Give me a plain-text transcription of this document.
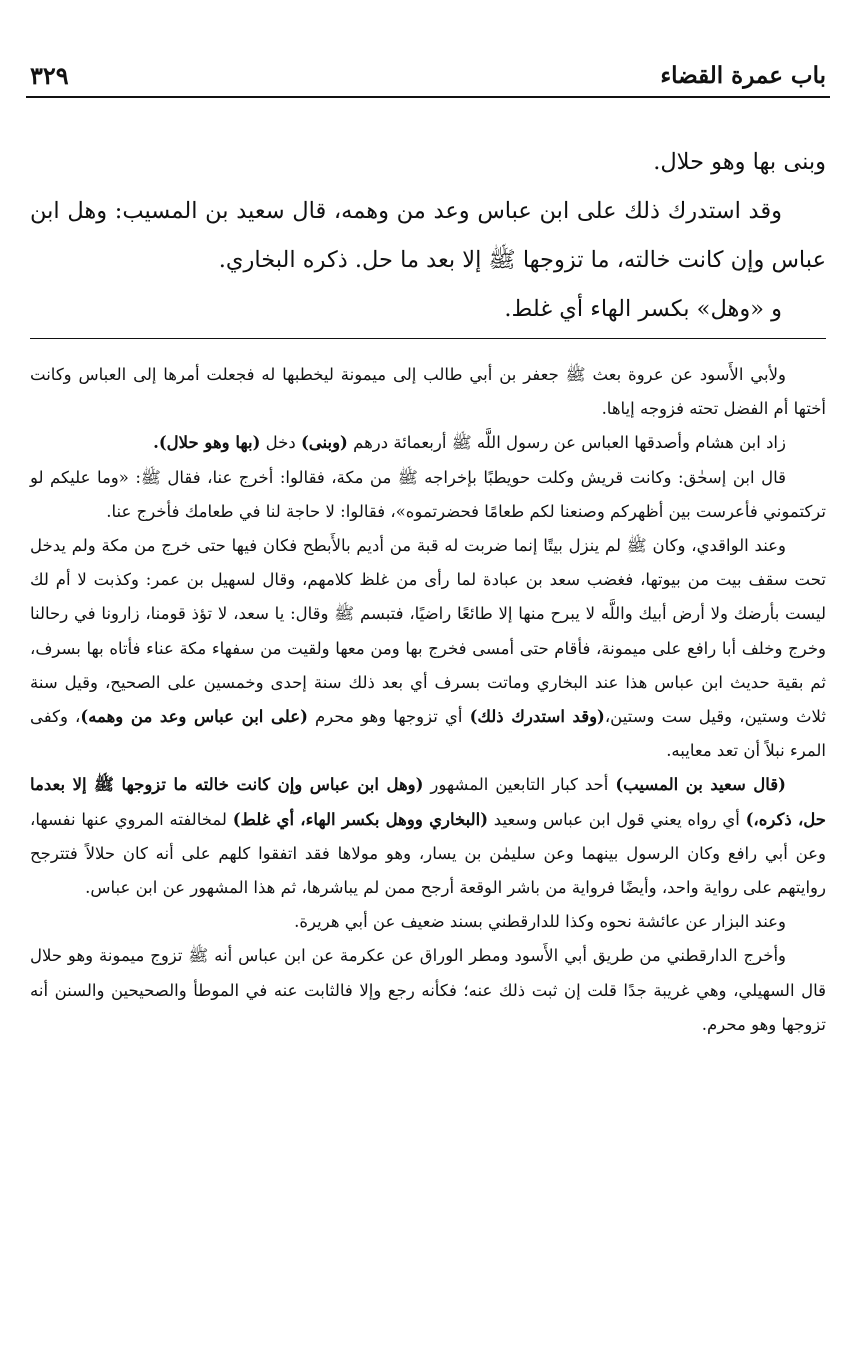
باب عمرة القضاء
٣٢٩

وبنى بها وهو حلال.

وقد استدرك ذلك على ابن عباس وعد من وهمه، قال سعيد بن المسيب: وهل ابن عباس وإن كانت خالته، ما تزوجها ﷺ إلا بعد ما حل. ذكره البخاري.

و «وهل» بكسر الهاء أي غلط.

ولأبي الأَسود عن عروة بعث ﷺ جعفر بن أبي طالب إلى ميمونة ليخطبها له فجعلت أمرها إلى العباس وكانت أختها أم الفضل تحته فزوجه إياها.

زاد ابن هشام وأصدقها العباس عن رسول اللَّه ﷺ أربعمائة درهم (وبنى) دخل (بها وهو حلال).

قال ابن إسحٰق: وكانت قريش وكلت حويطبًا بإخراجه ﷺ من مكة، فقالوا: أخرج عنا، فقال ﷺ: «وما عليكم لو تركتموني فأعرست بين أظهركم وصنعنا لكم طعامًا فحضرتموه»، فقالوا: لا حاجة لنا في طعامك فأخرج عنا.

وعند الواقدي، وكان ﷺ لم ينزل بيتًا إنما ضربت له قبة من أديم بالأَبطح فكان فيها حتى خرج من مكة ولم يدخل تحت سقف بيت من بيوتها، فغضب سعد بن عبادة لما رأى من غلظ كلامهم، وقال لسهيل بن عمر: وكذبت لا أم لك ليست بأرضك ولا أرض أبيك واللَّه لا يبرح منها إلا طائعًا راضيًا، فتبسم ﷺ وقال: يا سعد، لا تؤذ قومنا، زارونا في رحالنا وخرج وخلف أبا رافع على ميمونة، فأقام حتى أمسى فخرج بها ومن معها ولقيت من سفهاء مكة عناء فأتاه بها بسرف، ثم بقية حديث ابن عباس هذا عند البخاري وماتت بسرف أي بعد ذلك سنة إحدى وخمسين على الصحيح، وقيل سنة ثلاث وستين، وقيل ست وستين،(وقد استدرك ذلك) أي تزوجها وهو محرم (على ابن عباس وعد من وهمه)، وكفى المرء نبلاً أن تعد معايبه.

(قال سعيد بن المسيب) أحد كبار التابعين المشهور (وهل ابن عباس وإن كانت خالته ما تزوجها ﷺ إلا بعدما حل، ذكره،) أي رواه يعني قول ابن عباس وسعيد (البخاري ووهل بكسر الهاء، أي غلط) لمخالفته المروي عنها نفسها، وعن أبي رافع وكان الرسول بينهما وعن سليمٰن بن يسار، وهو مولاها فقد اتفقوا كلهم على أنه كان حلالاً فتترجح روايتهم على رواية واحد، وأيضًا فرواية من باشر الوقعة أرجح ممن لم يباشرها، ثم هذا المشهور عن ابن عباس.

وعند البزار عن عائشة نحوه وكذا للدارقطني بسند ضعيف عن أبي هريرة.

وأخرج الدارقطني من طريق أبي الأَسود ومطر الوراق عن عكرمة عن ابن عباس أنه ﷺ تزوج ميمونة وهو حلال قال السهيلي، وهي غريبة جدًا قلت إن ثبت ذلك عنه؛ فكأنه رجع وإلا فالثابت عنه في الموطأ والصحيحين والسنن أنه تزوجها وهو محرم.
